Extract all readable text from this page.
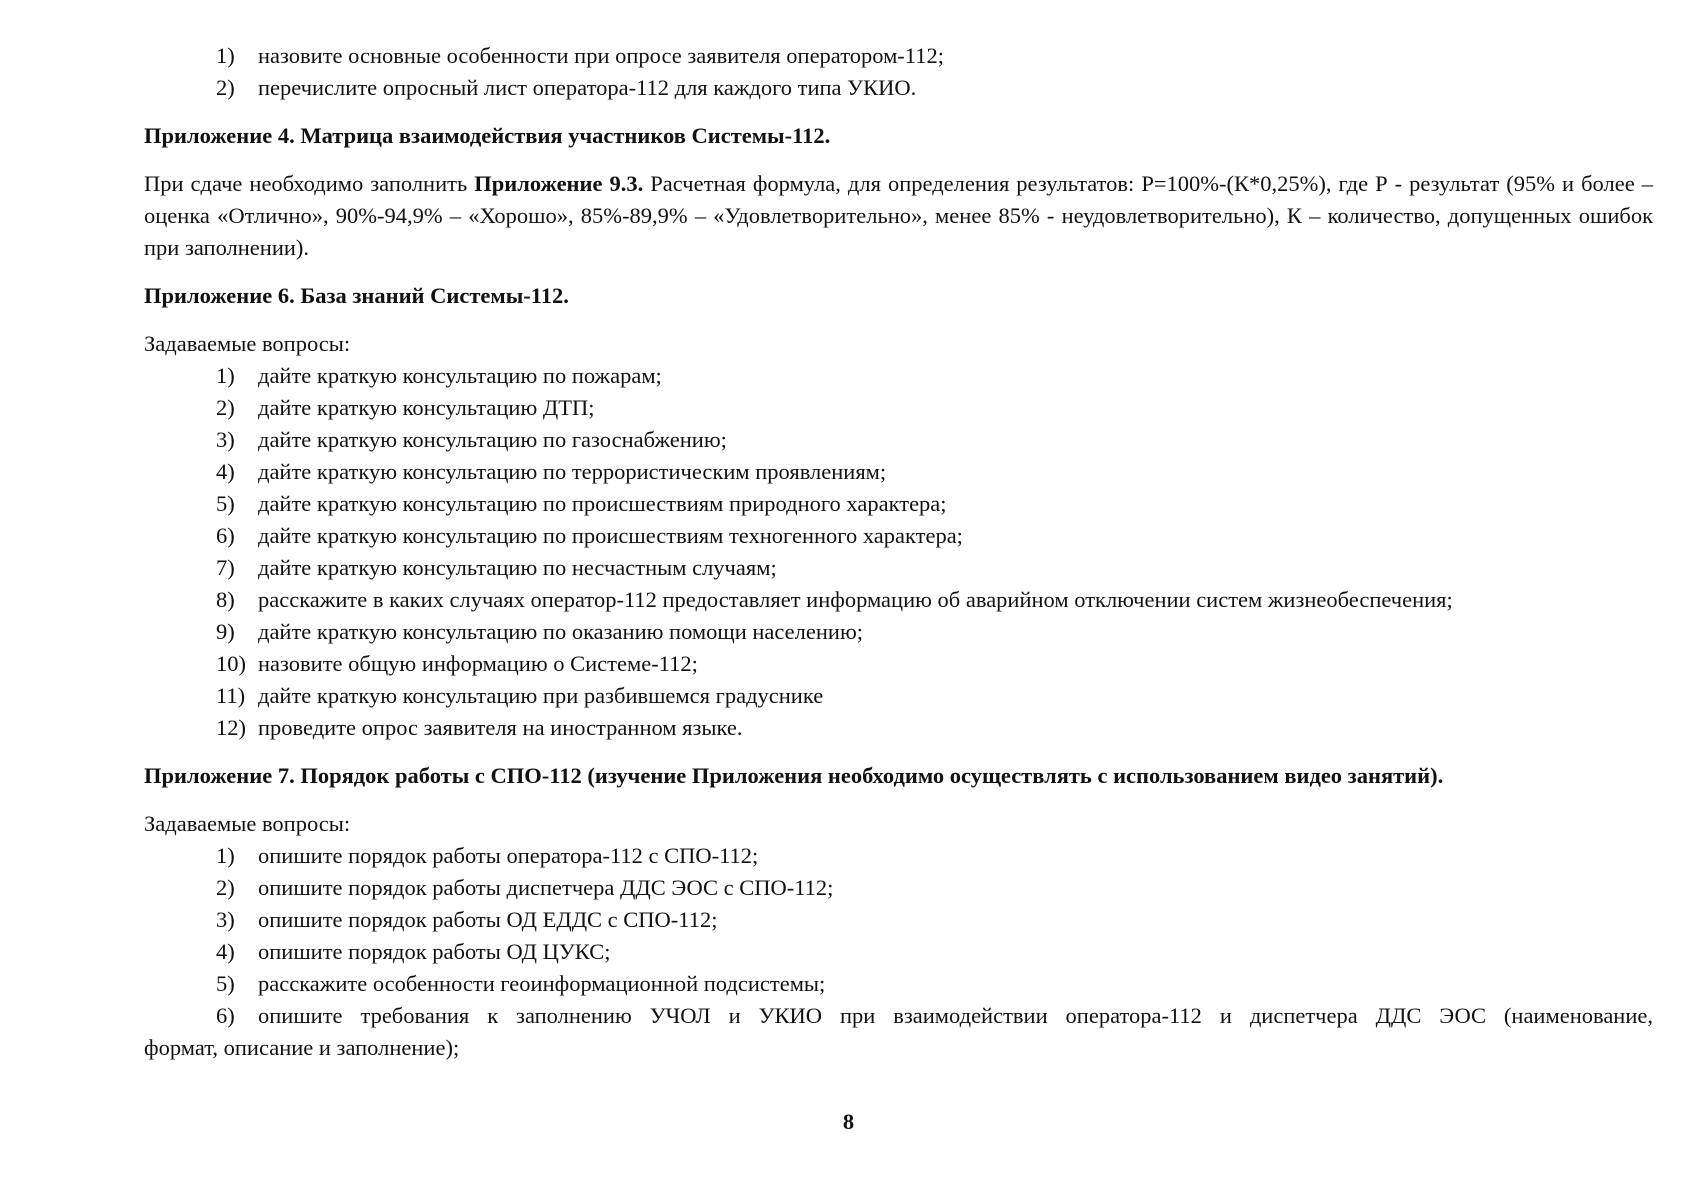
1) назовите основные особенности при опросе заявителя оператором-112;
2) перечислите опросный лист оператора-112 для каждого типа УКИО.

Приложение 4. Матрица взаимодействия участников Системы-112.

При сдаче необходимо заполнить Приложение 9.3. Расчетная формула, для определения результатов: Р=100%-(К*0,25%), где Р - результат (95% и более – оценка «Отлично», 90%-94,9% – «Хорошо», 85%-89,9% – «Удовлетворительно», менее 85% - неудовлетворительно), К – количество, допущенных ошибок при заполнении).

Приложение 6. База знаний Системы-112.

Задаваемые вопросы:

1) дайте краткую консультацию по пожарам;
2) дайте краткую консультацию ДТП;
3) дайте краткую консультацию по газоснабжению;
4) дайте краткую консультацию по террористическим проявлениям;
5) дайте краткую консультацию по происшествиям природного характера;
6) дайте краткую консультацию по происшествиям техногенного характера;
7) дайте краткую консультацию по несчастным случаям;
8) расскажите в каких случаях оператор-112 предоставляет информацию об аварийном отключении систем жизнеобеспечения;
9) дайте краткую консультацию по оказанию помощи населению;
10) назовите общую информацию о Системе-112;
11) дайте краткую консультацию при разбившемся градуснике
12) проведите опрос заявителя на иностранном языке.

Приложение 7. Порядок работы с СПО-112 (изучение Приложения необходимо осуществлять с использованием видео занятий).

Задаваемые вопросы:

1) опишите порядок работы оператора-112 с СПО-112;
2) опишите порядок работы диспетчера ДДС ЭОС с СПО-112;
3) опишите порядок работы ОД ЕДДС с СПО-112;
4) опишите порядок работы ОД ЦУКС;
5) расскажите особенности геоинформационной подсистемы;

6) опишите требования к заполнению УЧОЛ и УКИО при взаимодействии оператора-112 и диспетчера ДДС ЭОС (наименование,

формат, описание и заполнение);

8
